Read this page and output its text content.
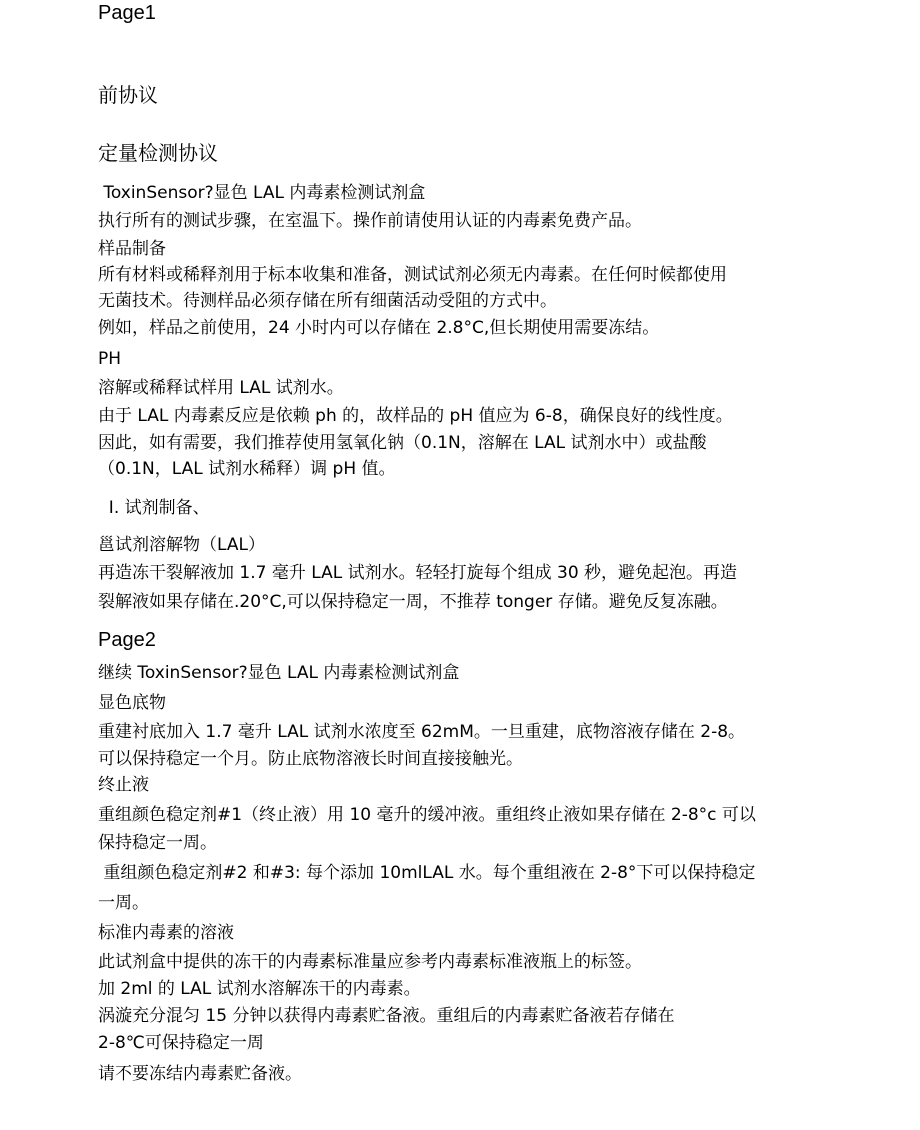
Page1
前协议
定量检测协议
ToxinSensor?显色 LAL 内毒素检测试剂盒
执行所有的测试步骤，在室温下。操作前请使用认证的内毒素免费产品。
样品制备
所有材料或稀释剂用于标本收集和准备，测试试剂必须无内毒素。在任何时候都使用
无菌技术。待测样品必须存储在所有细菌活动受阻的方式中。
例如，样品之前使用，24 小时内可以存储在 2.8°C,但长期使用需要冻结。
PH
溶解或稀释试样用 LAL 试剂水。
由于 LAL 内毒素反应是依赖 ph 的，故样品的 pH 值应为 6-8，确保良好的线性度。
因此，如有需要，我们推荐使用氢氧化钠（0.1N，溶解在 LAL 试剂水中）或盐酸
（0.1N，LAL 试剂水稀释）调 pH 值。
I. 试剂制备、
邕试剂溶解物（LAL）
再造冻干裂解液加 1.7 毫升 LAL 试剂水。轻轻打旋每个组成 30 秒，避免起泡。再造
裂解液如果存储在.20°C,可以保持稳定一周，不推荐 tonger 存储。避免反复冻融。
Page2
继续 ToxinSensor?显色 LAL 内毒素检测试剂盒
显色底物
重建衬底加入 1.7 毫升 LAL 试剂水浓度至 62mM。一旦重建，底物溶液存储在 2-8。
可以保持稳定一个月。防止底物溶液长时间直接接触光。
终止液
重组颜色稳定剂#1（终止液）用 10 毫升的缓冲液。重组终止液如果存储在 2-8°c 可以
保持稳定一周。
重组颜色稳定剂#2 和#3: 每个添加 10mlLAL 水。每个重组液在 2-8°下可以保持稳定
一周。
标准内毒素的溶液
此试剂盒中提供的冻干的内毒素标准量应参考内毒素标准液瓶上的标签。
加 2ml 的 LAL 试剂水溶解冻干的内毒素。
涡漩充分混匀 15 分钟以获得内毒素贮备液。重组后的内毒素贮备液若存储在
2-8℃可保持稳定一周
请不要冻结内毒素贮备液。
